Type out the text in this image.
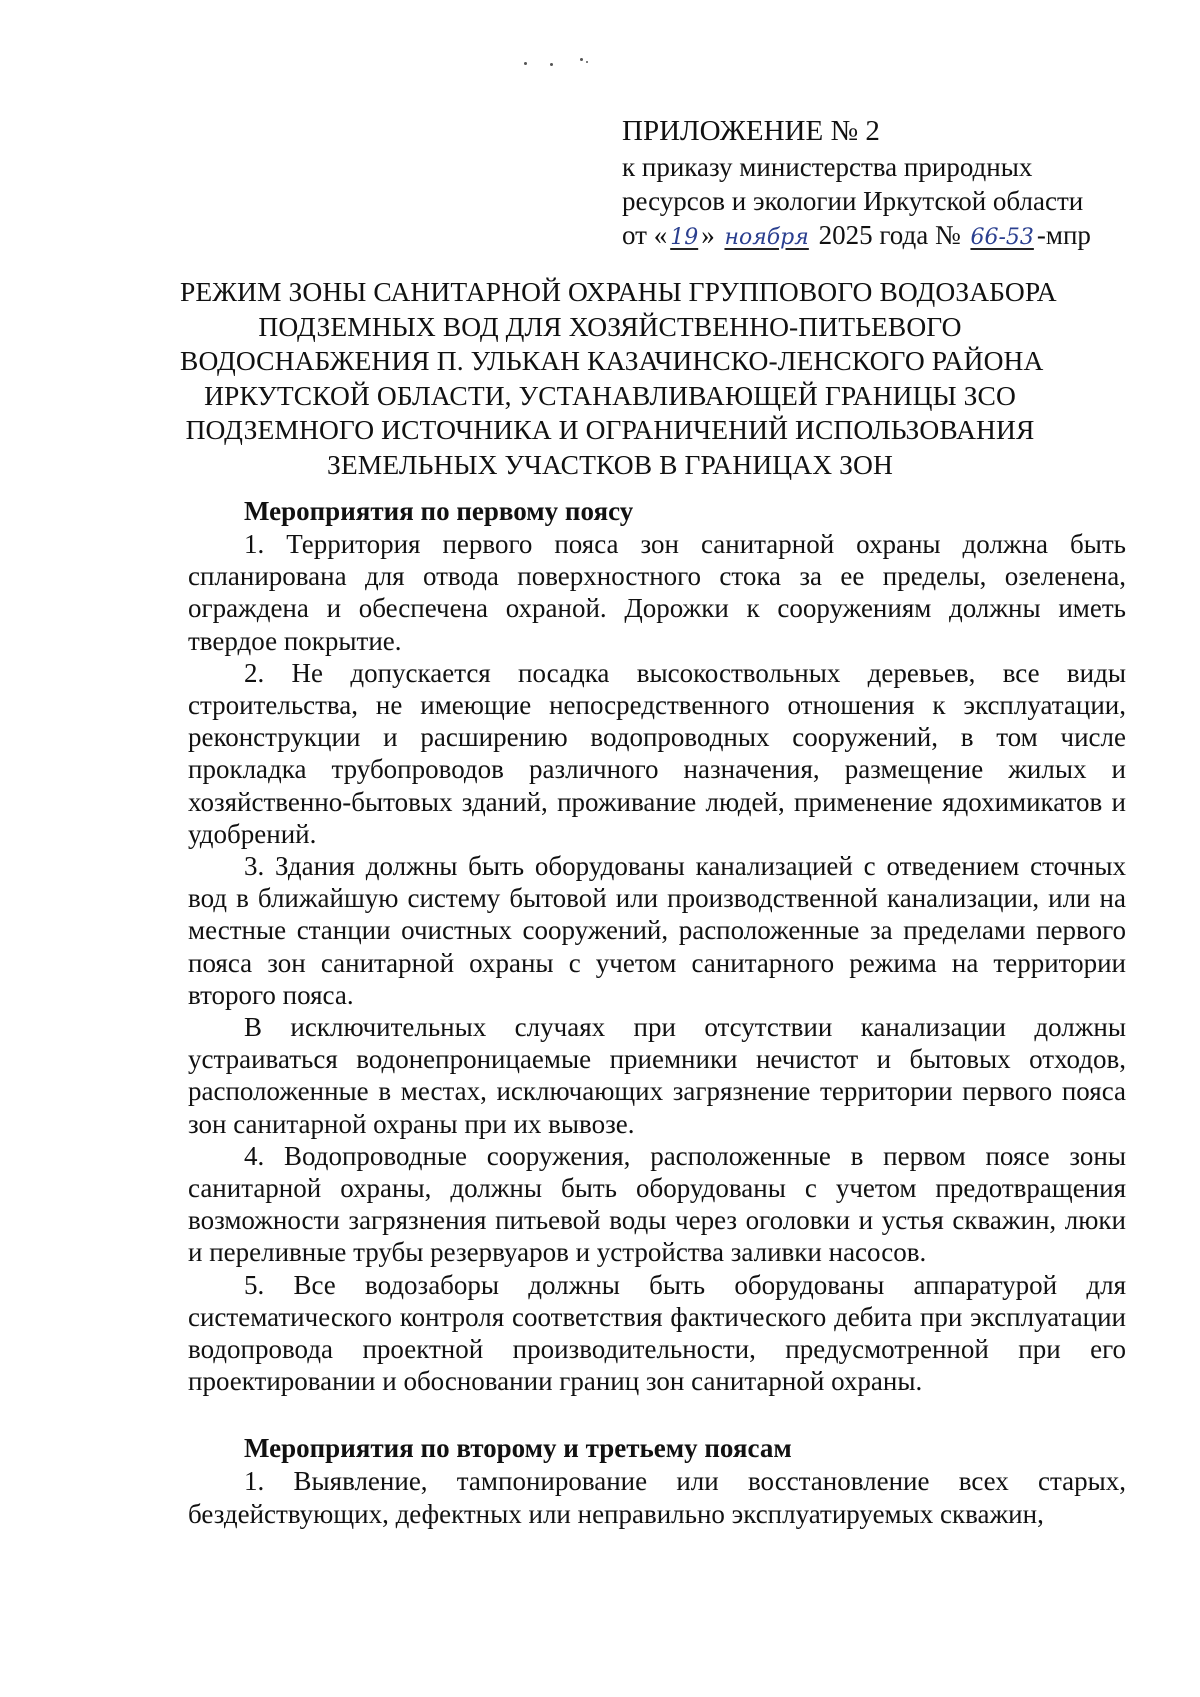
ПРИЛОЖЕНИЕ № 2
к приказу министерства природных
ресурсов и экологии Иркутской области
от « 19 » ноября 2025 года № 66-53 -мпр
РЕЖИМ ЗОНЫ САНИТАРНОЙ ОХРАНЫ ГРУППОВОГО ВОДОЗАБОРА
ПОДЗЕМНЫХ ВОД ДЛЯ ХОЗЯЙСТВЕННО-ПИТЬЕВОГО
ВОДОСНАБЖЕНИЯ П. УЛЬКАН КАЗАЧИНСКО-ЛЕНСКОГО РАЙОНА
ИРКУТСКОЙ ОБЛАСТИ, УСТАНАВЛИВАЮЩЕЙ ГРАНИЦЫ ЗСО
ПОДЗЕМНОГО ИСТОЧНИКА И ОГРАНИЧЕНИЙ ИСПОЛЬЗОВАНИЯ
ЗЕМЕЛЬНЫХ УЧАСТКОВ В ГРАНИЦАХ ЗОН

Мероприятия по первому поясу

1. Территория первого пояса зон санитарной охраны должна быть спланирована для отвода поверхностного стока за ее пределы, озеленена, ограждена и обеспечена охраной. Дорожки к сооружениям должны иметь твердое покрытие.

2. Не допускается посадка высокоствольных деревьев, все виды строительства, не имеющие непосредственного отношения к эксплуатации, реконструкции и расширению водопроводных сооружений, в том числе прокладка трубопроводов различного назначения, размещение жилых и хозяйственно-бытовых зданий, проживание людей, применение ядохимикатов и удобрений.

3. Здания должны быть оборудованы канализацией с отведением сточных вод в ближайшую систему бытовой или производственной канализации, или на местные станции очистных сооружений, расположенные за пределами первого пояса зон санитарной охраны с учетом санитарного режима на территории второго пояса.

В исключительных случаях при отсутствии канализации должны устраиваться водонепроницаемые приемники нечистот и бытовых отходов, расположенные в местах, исключающих загрязнение территории первого пояса зон санитарной охраны при их вывозе.

4. Водопроводные сооружения, расположенные в первом поясе зоны санитарной охраны, должны быть оборудованы с учетом предотвращения возможности загрязнения питьевой воды через оголовки и устья скважин, люки и переливные трубы резервуаров и устройства заливки насосов.

5. Все водозаборы должны быть оборудованы аппаратурой для систематического контроля соответствия фактического дебита при эксплуатации водопровода проектной производительности, предусмотренной при его проектировании и обосновании границ зон санитарной охраны.

Мероприятия по второму и третьему поясам

1. Выявление, тампонирование или восстановление всех старых, бездействующих, дефектных или неправильно эксплуатируемых скважин,
